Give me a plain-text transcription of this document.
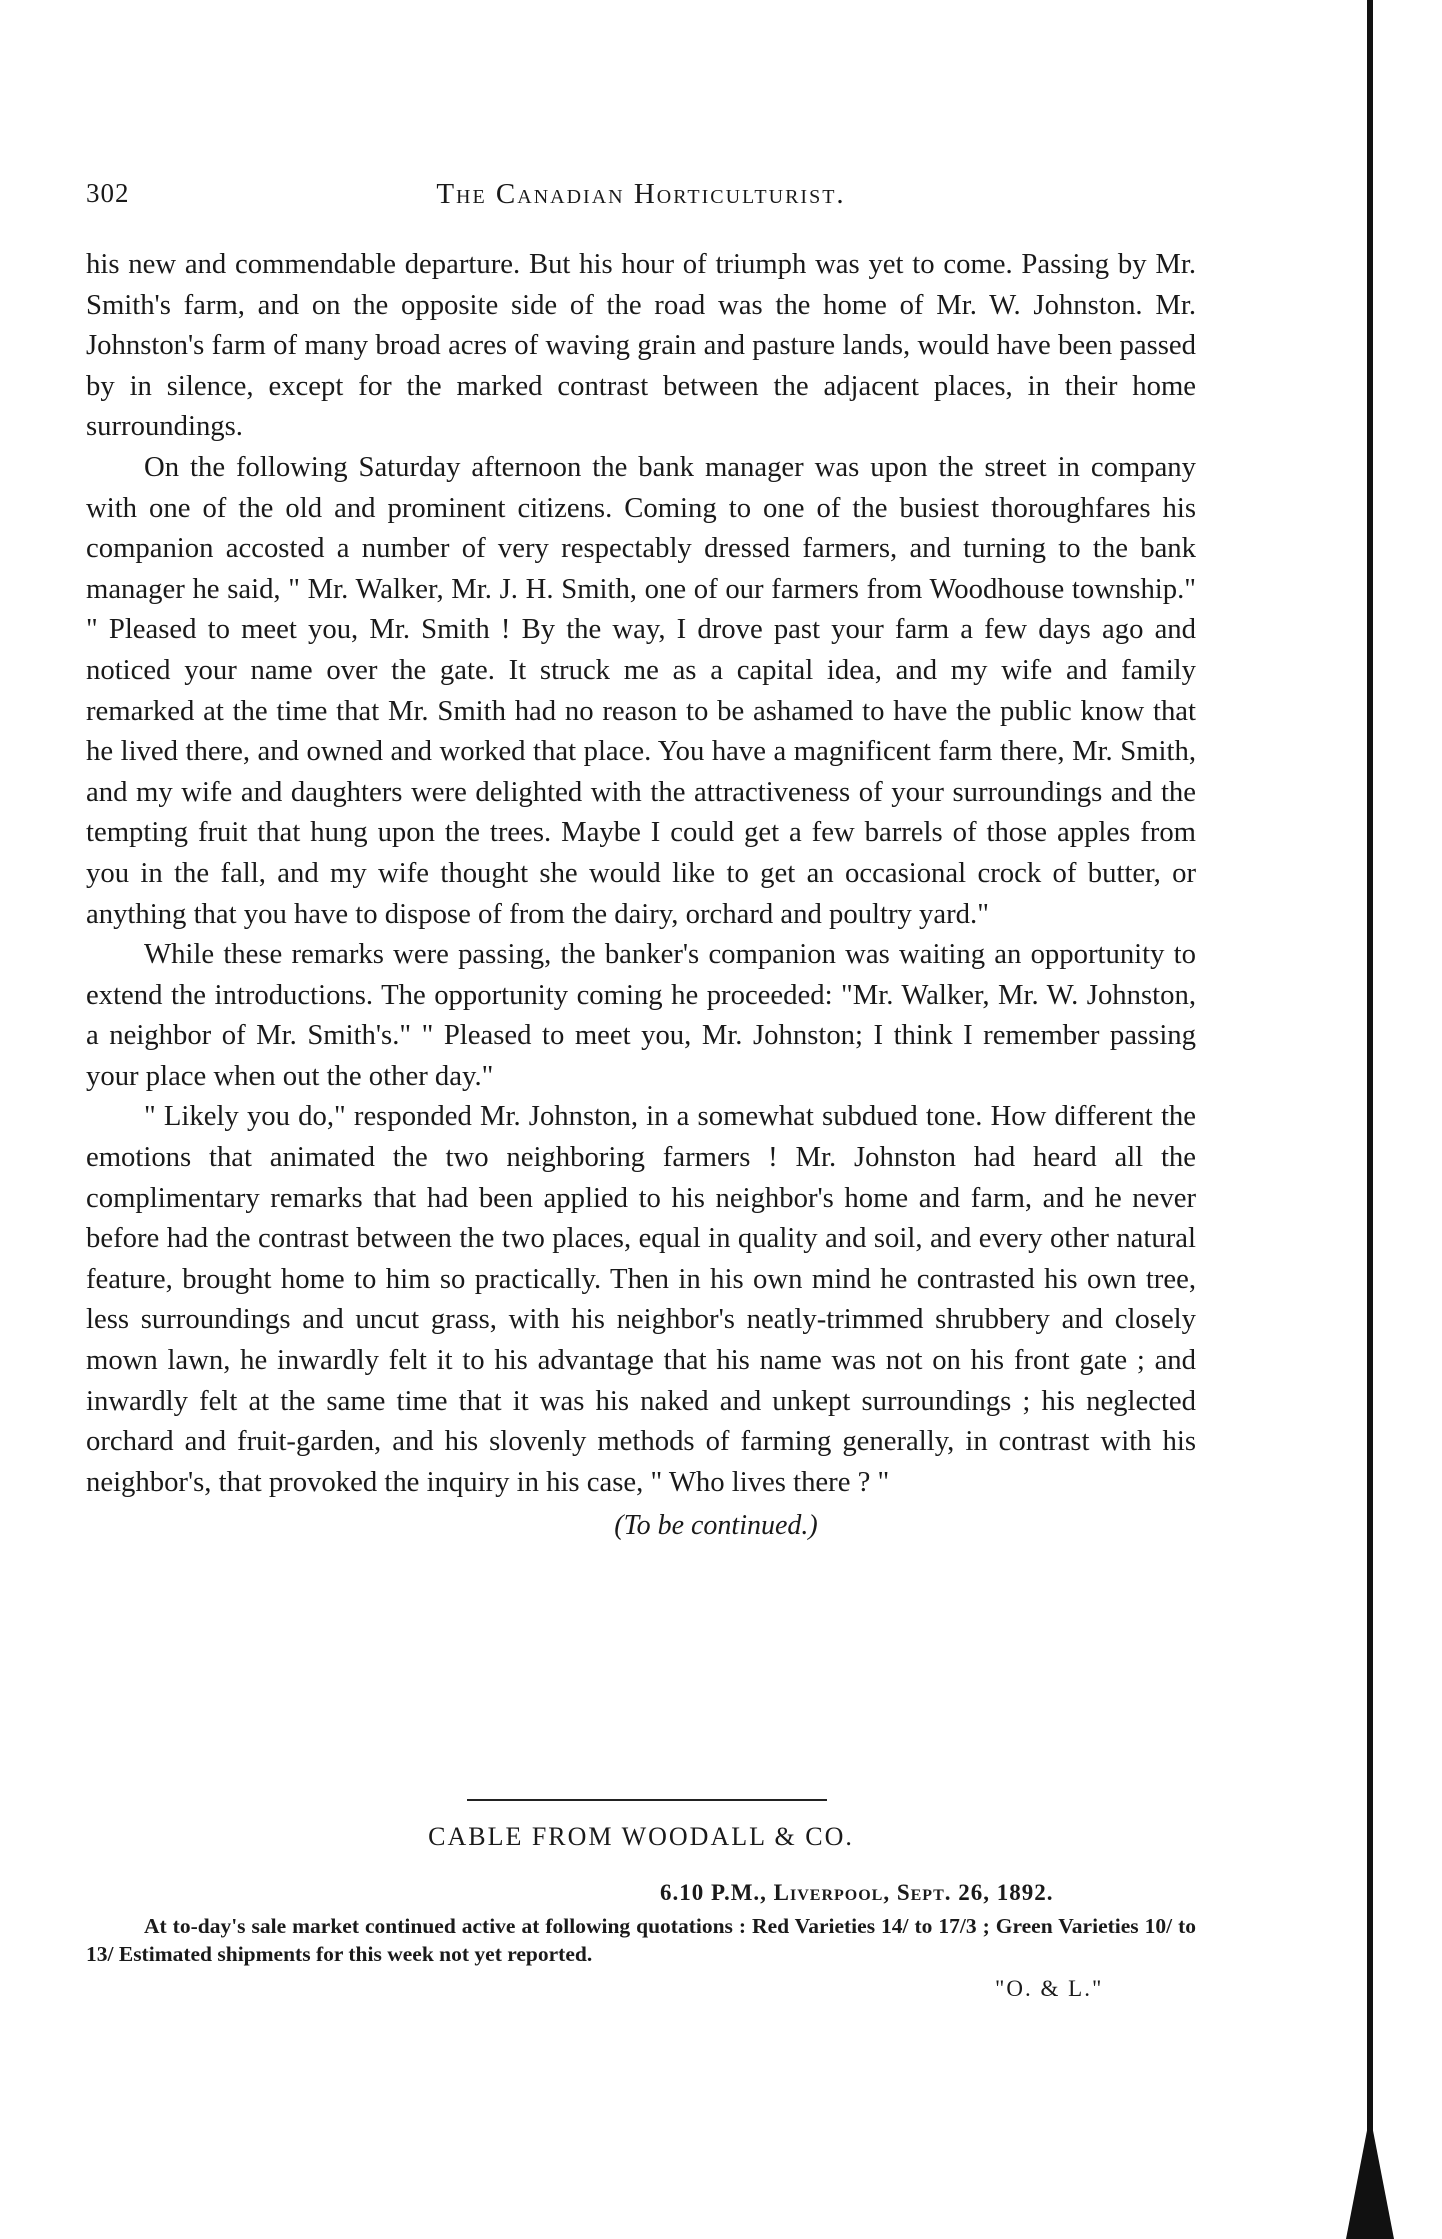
302	The Canadian Horticulturist.

his new and commendable departure. But his hour of triumph was yet to come. Passing by Mr. Smith's farm, and on the opposite side of the road was the home of Mr. W. Johnston. Mr. Johnston's farm of many broad acres of waving grain and pasture lands, would have been passed by in silence, except for the marked contrast between the adjacent places, in their home surroundings.

On the following Saturday afternoon the bank manager was upon the street in company with one of the old and prominent citizens. Coming to one of the busiest thoroughfares his companion accosted a number of very respectably dressed farmers, and turning to the bank manager he said, " Mr. Walker, Mr. J. H. Smith, one of our farmers from Woodhouse township." " Pleased to meet you, Mr. Smith ! By the way, I drove past your farm a few days ago and noticed your name over the gate. It struck me as a capital idea, and my wife and family remarked at the time that Mr. Smith had no reason to be ashamed to have the public know that he lived there, and owned and worked that place. You have a magnificent farm there, Mr. Smith, and my wife and daughters were delighted with the attractiveness of your surroundings and the tempting fruit that hung upon the trees. Maybe I could get a few barrels of those apples from you in the fall, and my wife thought she would like to get an occasional crock of butter, or anything that you have to dispose of from the dairy, orchard and poultry yard."

While these remarks were passing, the banker's companion was waiting an opportunity to extend the introductions. The opportunity coming he proceeded: "Mr. Walker, Mr. W. Johnston, a neighbor of Mr. Smith's." " Pleased to meet you, Mr. Johnston; I think I remember passing your place when out the other day."

" Likely you do," responded Mr. Johnston, in a somewhat subdued tone. How different the emotions that animated the two neighboring farmers ! Mr. Johnston had heard all the complimentary remarks that had been applied to his neighbor's home and farm, and he never before had the contrast between the two places, equal in quality and soil, and every other natural feature, brought home to him so practically. Then in his own mind he contrasted his own tree, less surroundings and uncut grass, with his neighbor's neatly-trimmed shrubbery and closely mown lawn, he inwardly felt it to his advantage that his name was not on his front gate ; and inwardly felt at the same time that it was his naked and unkept surroundings ; his neglected orchard and fruit-garden, and his slovenly methods of farming generally, in contrast with his neighbor's, that provoked the inquiry in his case, " Who lives there ? "

(To be continued.)
CABLE FROM WOODALL & CO.
6.10 P.M., Liverpool, Sept. 26, 1892.
At to-day's sale market continued active at following quotations : Red Varieties 14/ to 17/3 ; Green Varieties 10/ to 13/ Estimated shipments for this week not yet reported.
"O. & L."
